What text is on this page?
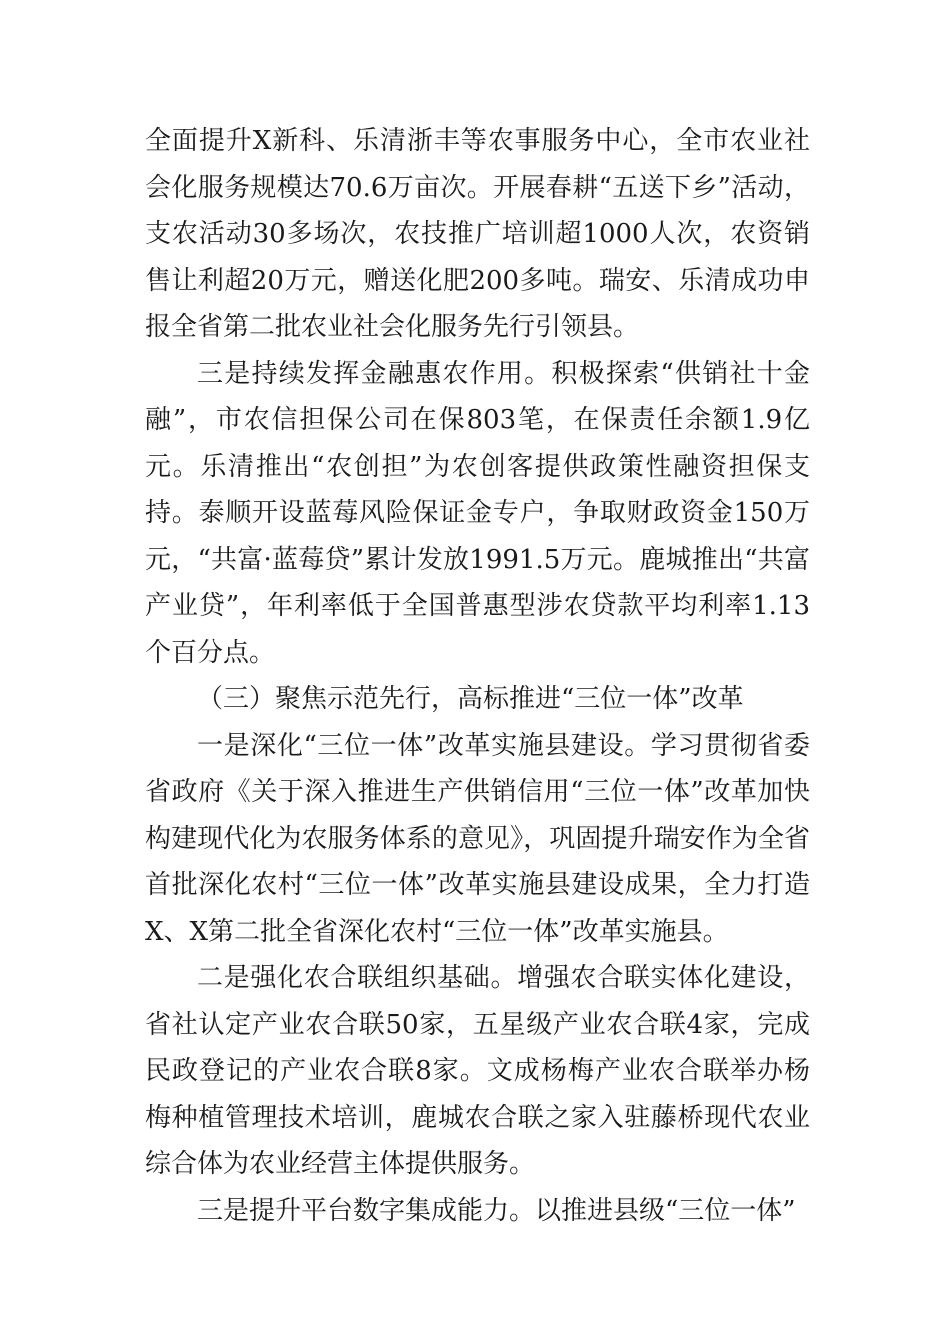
全面提升X新科、乐清浙丰等农事服务中心，全市农业社会化服务规模达70.6万亩次。开展春耕“五送下乡”活动，支农活动30多场次，农技推广培训超1000人次，农资销售让利超20万元，赠送化肥200多吨。瑞安、乐清成功申报全省第二批农业社会化服务先行引领县。

三是持续发挥金融惠农作用。积极探索“供销社十金融”，市农信担保公司在保803笔，在保责任余额1.9亿元。乐清推出“农创担”为农创客提供政策性融资担保支持。泰顺开设蓝莓风险保证金专户，争取财政资金150万元，“共富·蓝莓贷”累计发放1991.5万元。鹿城推出“共富产业贷”，年利率低于全国普惠型涉农贷款平均利率1.13个百分点。

（三）聚焦示范先行，高标推进“三位一体”改革

一是深化“三位一体”改革实施县建设。学习贯彻省委省政府《关于深入推进生产供销信用“三位一体”改革加快构建现代化为农服务体系的意见》，巩固提升瑞安作为全省首批深化农村“三位一体”改革实施县建设成果，全力打造X、X第二批全省深化农村“三位一体”改革实施县。

二是强化农合联组织基础。增强农合联实体化建设，省社认定产业农合联50家，五星级产业农合联4家，完成民政登记的产业农合联8家。文成杨梅产业农合联举办杨梅种植管理技术培训，鹿城农合联之家入驻藤桥现代农业综合体为农业经营主体提供服务。

三是提升平台数字集成能力。以推进县级“三位一体”
